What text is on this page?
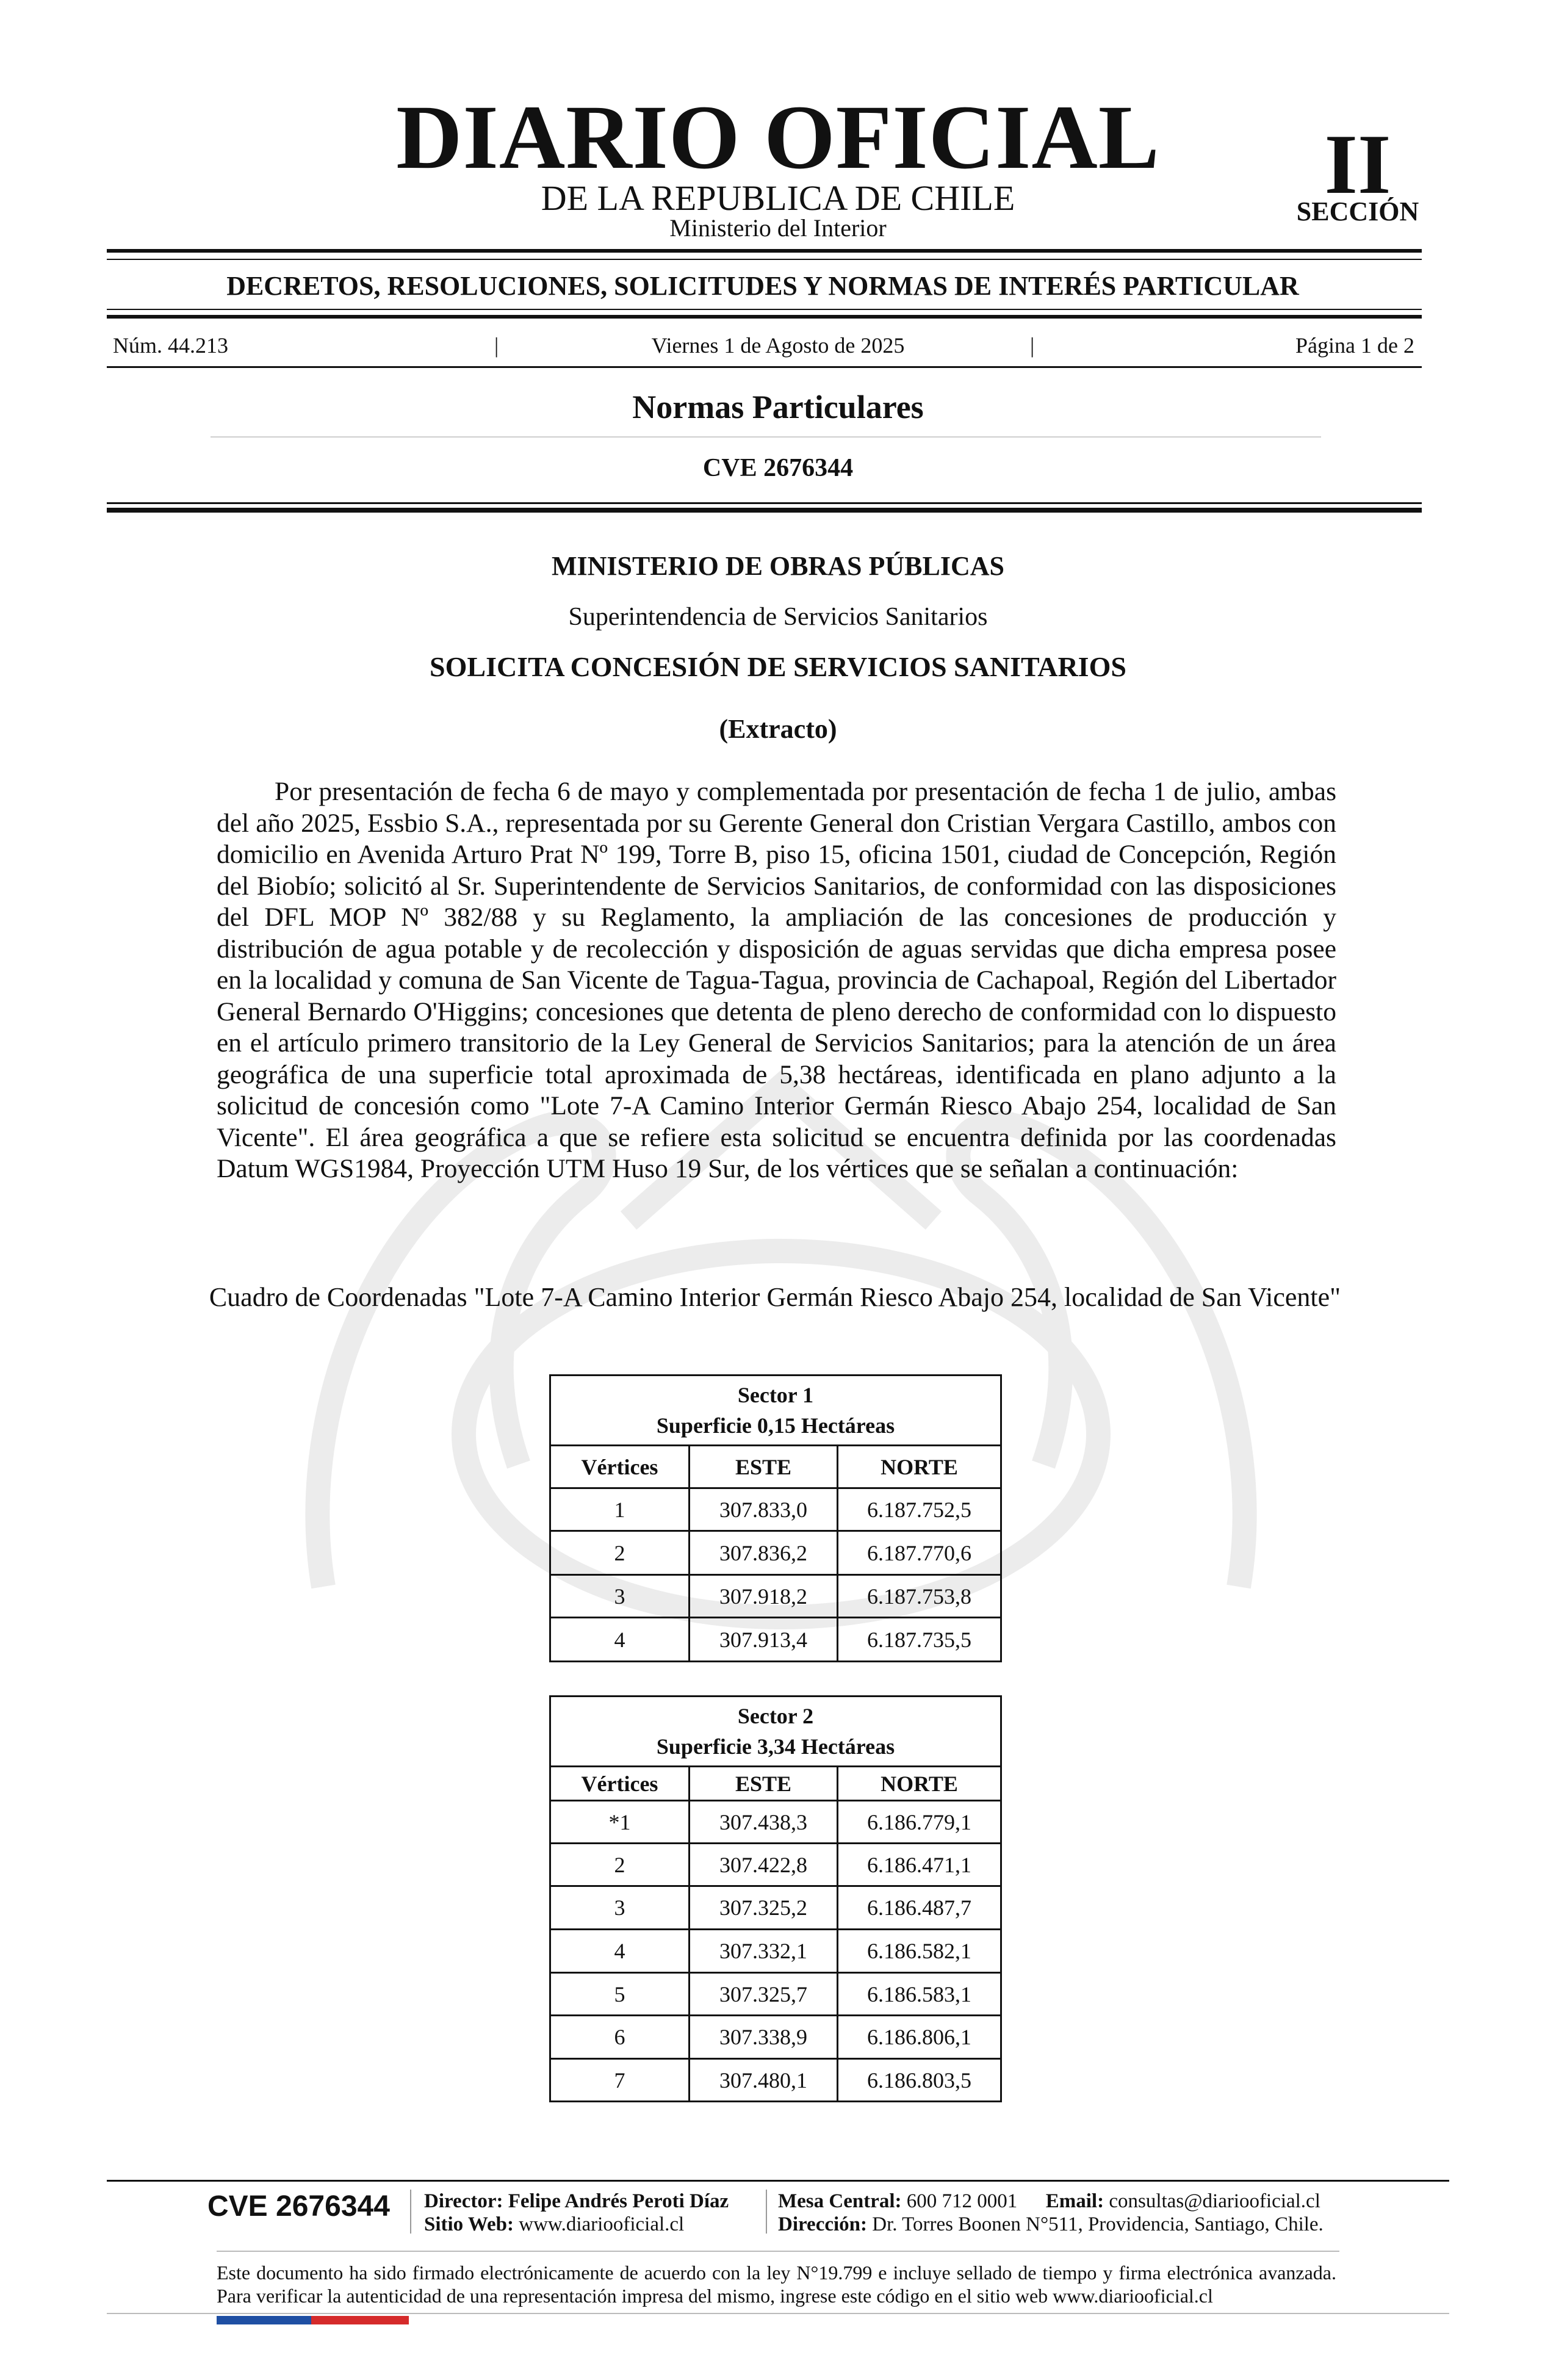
DIARIO OFICIAL
DE LA REPUBLICA DE CHILE
Ministerio del Interior
II
SECCIÓN
DECRETOS, RESOLUCIONES, SOLICITUDES Y NORMAS DE INTERÉS PARTICULAR
Núm. 44.213	|	Viernes 1 de Agosto de 2025	|	Página 1 de 2
Normas Particulares
CVE 2676344
MINISTERIO DE OBRAS PÚBLICAS
Superintendencia de Servicios Sanitarios
SOLICITA CONCESIÓN DE SERVICIOS SANITARIOS
(Extracto)

Por presentación de fecha 6 de mayo y complementada por presentación de fecha 1 de julio, ambas del año 2025, Essbio S.A., representada por su Gerente General don Cristian Vergara Castillo, ambos con domicilio en Avenida Arturo Prat Nº 199, Torre B, piso 15, oficina 1501, ciudad de Concepción, Región del Biobío; solicitó al Sr. Superintendente de Servicios Sanitarios, de conformidad con las disposiciones del DFL MOP Nº 382/88 y su Reglamento, la ampliación de las concesiones de producción y distribución de agua potable y de recolección y disposición de aguas servidas que dicha empresa posee en la localidad y comuna de San Vicente de Tagua-Tagua, provincia de Cachapoal, Región del Libertador General Bernardo O'Higgins; concesiones que detenta de pleno derecho de conformidad con lo dispuesto en el artículo primero transitorio de la Ley General de Servicios Sanitarios; para la atención de un área geográfica de una superficie total aproximada de 5,38 hectáreas, identificada en plano adjunto a la solicitud de concesión como "Lote 7-A Camino Interior Germán Riesco Abajo 254, localidad de San Vicente". El área geográfica a que se refiere esta solicitud se encuentra definida por las coordenadas Datum WGS1984, Proyección UTM Huso 19 Sur, de los vértices que se señalan a continuación:

Cuadro de Coordenadas "Lote 7-A Camino Interior Germán Riesco Abajo 254, localidad de San Vicente"
Sector 1
Superficie 0,15 Hectáreas		

Vértices	ESTE	NORTE
1	307.833,0	6.187.752,5
2	307.836,2	6.187.770,6
3	307.918,2	6.187.753,8
4	307.913,4	6.187.735,5
Sector 2
Superficie 3,34 Hectáreas		

Vértices	ESTE	NORTE
*1	307.438,3	6.186.779,1
2	307.422,8	6.186.471,1
3	307.325,2	6.186.487,7
4	307.332,1	6.186.582,1
5	307.325,7	6.186.583,1
6	307.338,9	6.186.806,1
7	307.480,1	6.186.803,5
CVE 2676344 Director: Felipe Andrés Peroti Díaz
Sitio Web: www.diariooficial.cl
Mesa Central: 600 712 0001 Email: consultas@diariooficial.cl
Dirección: Dr. Torres Boonen N°511, Providencia, Santiago, Chile.
Este documento ha sido firmado electrónicamente de acuerdo con la ley N°19.799 e incluye sellado de tiempo y firma electrónica avanzada. Para verificar la autenticidad de una representación impresa del mismo, ingrese este código en el sitio web www.diariooficial.cl
